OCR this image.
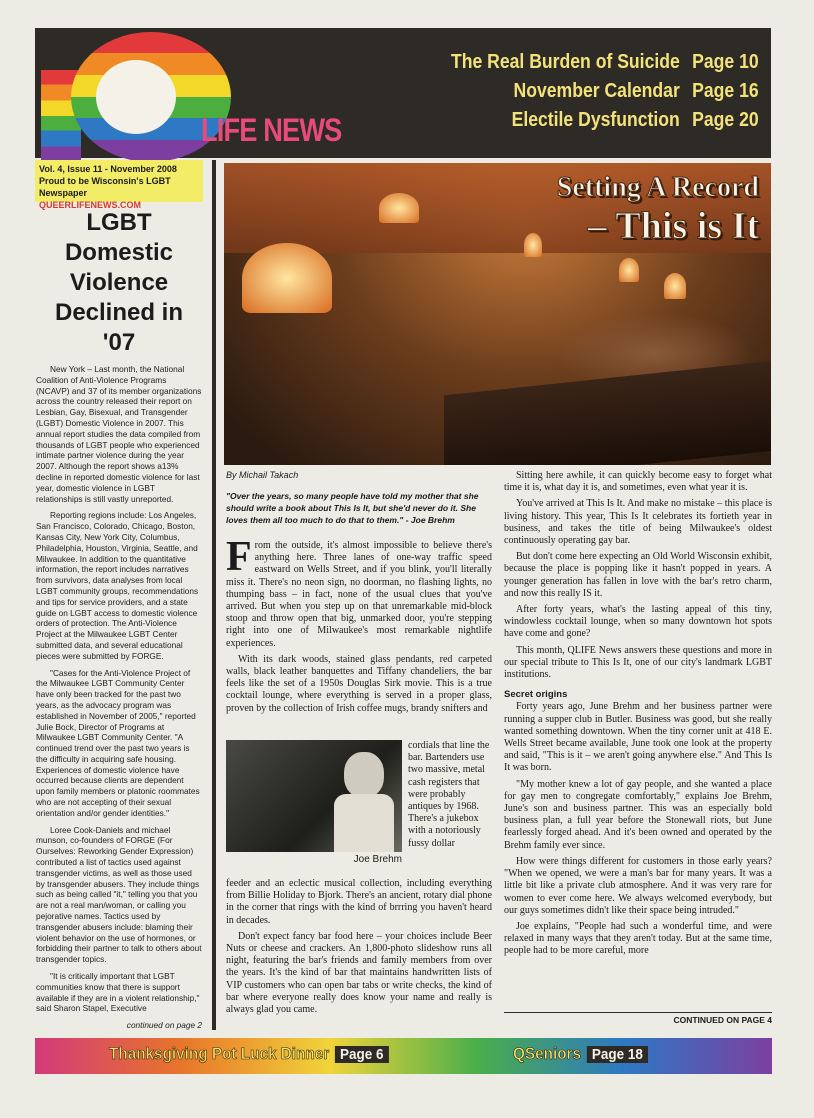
LIFE NEWS
The Real Burden of Suicide Page 10
November Calendar Page 16
Electile Dysfunction Page 20
Vol. 4, Issue 11 - November 2008
Proud to be Wisconsin's LGBT Newspaper
QUEERLIFENEWS.COM
LGBT Domestic Violence Declined in '07

New York – Last month, the National Coalition of Anti-Violence Programs (NCAVP) and 37 of its member organizations across the country released their report on Lesbian, Gay, Bisexual, and Transgender (LGBT) Domestic Violence in 2007. This annual report studies the data compiled from thousands of LGBT people who experienced intimate partner violence during the year 2007. Although the report shows a13% decline in reported domestic violence for last year, domestic violence in LGBT relationships is still vastly unreported.

Reporting regions include: Los Angeles, San Francisco, Colorado, Chicago, Boston, Kansas City, New York City, Columbus, Philadelphia, Houston, Virginia, Seattle, and Milwaukee. In addition to the quantitative information, the report includes narratives from survivors, data analyses from local LGBT community groups, recommendations and tips for service providers, and a state guide on LGBT access to domestic violence orders of protection. The Anti-Violence Project at the Milwaukee LGBT Center submitted data, and several educational pieces were submitted by FORGE.

"Cases for the Anti-Violence Project of the Milwaukee LGBT Community Center have only been tracked for the past two years, as the advocacy program was established in November of 2005," reported Julie Bock, Director of Programs at Milwaukee LGBT Community Center. "A continued trend over the past two years is the difficulty in acquiring safe housing. Experiences of domestic violence have occurred because clients are dependent upon family members or platonic roommates who are not accepting of their sexual orientation and/or gender identities."

Loree Cook-Daniels and michael munson, co-founders of FORGE (For Ourselves: Reworking Gender Expression) contributed a list of tactics used against transgender victims, as well as those used by transgender abusers. They include things such as being called "it," telling you that you are not a real man/woman, or calling you pejorative names. Tactics used by transgender abusers include: blaming their violent behavior on the use of hormones, or forbidding their partner to talk to others about transgender topics.

"It is critically important that LGBT communities know that there is support available if they are in a violent relationship," said Sharon Stapel, Executive

continued on page 2
Setting A Record
– This is It
By Michail Takach
"Over the years, so many people have told my mother that she should write a book about This Is It, but she'd never do it. She loves them all too much to do that to them." - Joe Brehm

From the outside, it's almost impossible to believe there's anything here. Three lanes of one-way traffic speed eastward on Wells Street, and if you blink, you'll literally miss it. There's no neon sign, no doorman, no flashing lights, no thumping bass – in fact, none of the usual clues that you've arrived. But when you step up on that unremarkable mid-block stoop and throw open that big, unmarked door, you're stepping right into one of Milwaukee's most remarkable nightlife experiences.

With its dark woods, stained glass pendants, red carpeted walls, black leather banquettes and Tiffany chandeliers, the bar feels like the set of a 1950s Douglas Sirk movie. This is a true cocktail lounge, where everything is served in a proper glass, proven by the collection of Irish coffee mugs, brandy snifters and

Joe Brehm
cordials that line the bar. Bartenders use two massive, metal cash registers that were probably antiques by 1968. There's a jukebox with a notoriously fussy dollar

feeder and an eclectic musical collection, including everything from Billie Holiday to Bjork. There's an ancient, rotary dial phone in the corner that rings with the kind of brrring you haven't heard in decades.

Don't expect fancy bar food here – your choices include Beer Nuts or cheese and crackers. An 1,800-photo slideshow runs all night, featuring the bar's friends and family members from over the years. It's the kind of bar that maintains handwritten lists of VIP customers who can open bar tabs or write checks, the kind of bar where everyone really does know your name and really is always glad you came.

Sitting here awhile, it can quickly become easy to forget what time it is, what day it is, and sometimes, even what year it is.

You've arrived at This Is It. And make no mistake – this place is living history. This year, This Is It celebrates its fortieth year in business, and takes the title of being Milwaukee's oldest continuously operating gay bar.

But don't come here expecting an Old World Wisconsin exhibit, because the place is popping like it hasn't popped in years. A younger generation has fallen in love with the bar's retro charm, and now this really IS it.

After forty years, what's the lasting appeal of this tiny, windowless cocktail lounge, when so many downtown hot spots have come and gone?

This month, QLIFE News answers these questions and more in our special tribute to This Is It, one of our city's landmark LGBT institutions.

Secret origins

Forty years ago, June Brehm and her business partner were running a supper club in Butler. Business was good, but she really wanted something downtown. When the tiny corner unit at 418 E. Wells Street became available, June took one look at the property and said, "This is it – we aren't going anywhere else." And This Is It was born.

"My mother knew a lot of gay people, and she wanted a place for gay men to congregate comfortably," explains Joe Brehm, June's son and business partner. This was an especially bold business plan, a full year before the Stonewall riots, but June fearlessly forged ahead. And it's been owned and operated by the Brehm family ever since.

How were things different for customers in those early years? "When we opened, we were a man's bar for many years. It was a little bit like a private club atmosphere. And it was very rare for women to ever come here. We always welcomed everybody, but our guys sometimes didn't like their space being intruded."

Joe explains, "People had such a wonderful time, and were relaxed in many ways that they aren't today. But at the same time, people had to be more careful, more

CONTINUED ON PAGE 4
Thanksgiving Pot Luck Dinner Page 6	QSeniors Page 18
